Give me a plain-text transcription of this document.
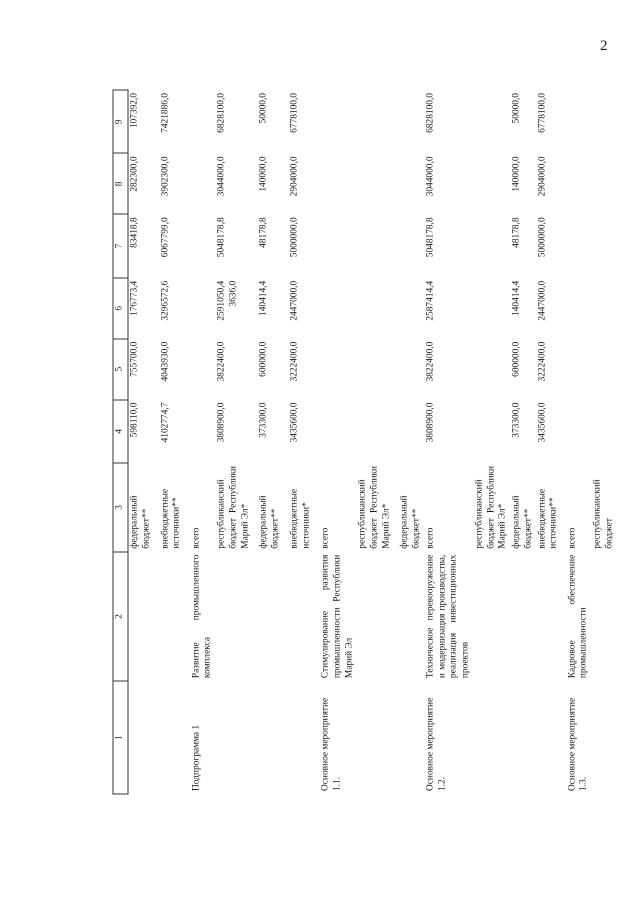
2
1	2	3	4	5	6	7	8	9
		федеральный бюджет**	598110,0	755700,0	176773,4	83418,8	282300,0	107392,0
		внебюджетные источники**	4102774,7	4043930,0	3296572,6	6067799,0	3902300,0	7421886,0
Подпрограмма 1	Развитие промышленного комплекса	всего						
		республиканский бюджет Республики Марий Эл*	3808900,0	3822400,0	2591050,4 3636,0	5048178,8	3044000,0	6828100,0
		федеральный бюджет**	373300,0	600000,0	140414,4	48178,8	140000,0	50000,0
		внебюджетные источники*	3435600,0	3222400,0	2447000,0	5000000,0	2904000,0	6778100,0
Основное мероприятие 1.1.	Стимулирование развития промышленности Республики Марий Эл	всего						
		республиканский бюджет Республики Марий Эл*						
		федеральный бюджет**						
Основное мероприятие 1.2.	Техническое перевооружение и модернизация производства, реализация инвестиционных проектов	всего	3808900,0	3822400,0	2587414,4	5048178,8	3044000,0	6828100,0
		республиканский бюджет Республики Марий Эл*						
		федеральный бюджет**	373300,0	600000,0	140414,4	48178,8	140000,0	50000,0
		внебюджетные источники**	3435600,0	3222400,0	2447000,0	5000000,0	2904000,0	6778100,0
Основное мероприятие 1.3.	Кадровое обеспечение промышленности	всего						
		республиканский бюджет						
